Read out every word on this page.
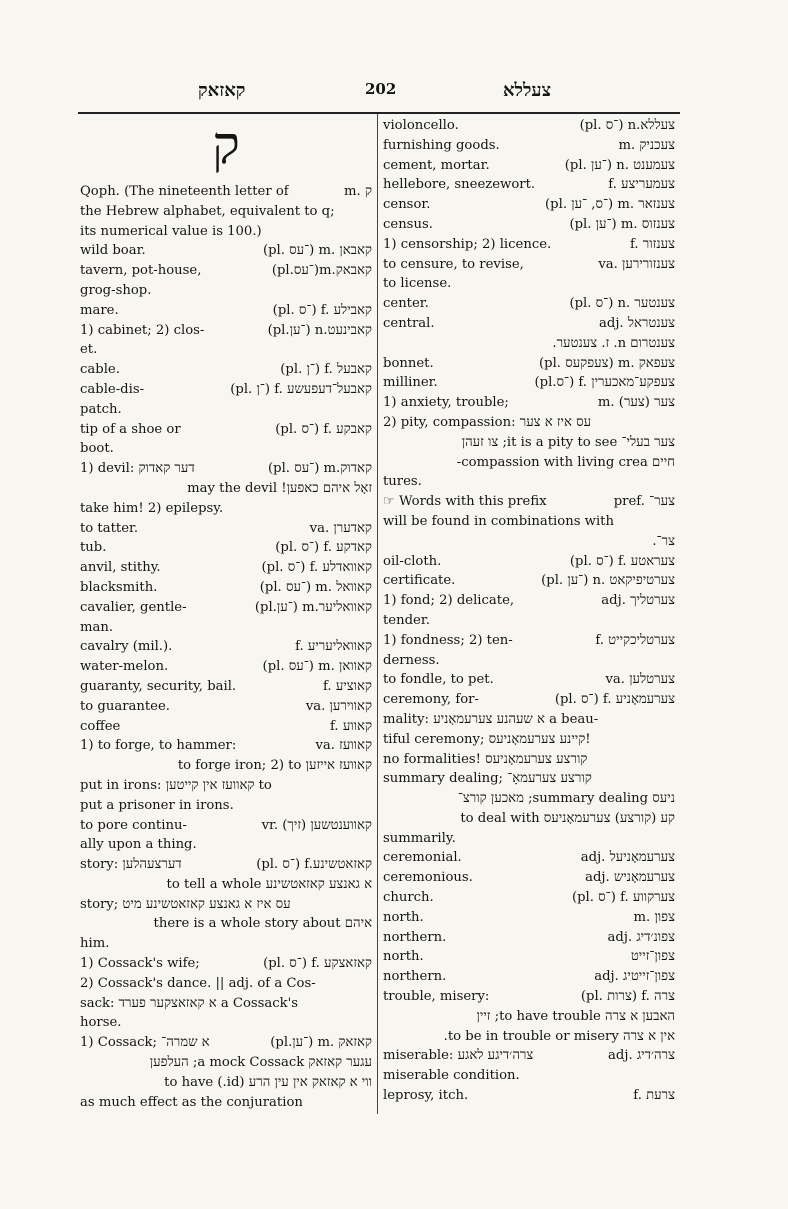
קאזאק	202	צעללא
ק
Qoph. (The nineteenth letter of	m. ק
the Hebrew alphabet, equivalent to q;
its numerical value is 100.)
wild boar.	(pl. ־עס) m. קאבאן
tavern, pot-house,	(pl.־עס)m.קאבאק
grog-shop.
mare.	(pl. ־ס) f. קאבילע
1) cabinet; 2) clos-	(pl.־ען) n.קאבינעט
et.
cable.	(pl. ־ן) f. קאבעל
cable-dis-	(pl. ־ן) f. קאבעל־דעפעשע
patch.
tip of a shoe or	(pl. ־ס) f. קאבקע
boot.
1) devil: דער קאדוק	(pl. ־עס) m.קאדוק
זאָל איהם כאפען! may the devil
take him! 2) epilepsy.
to tatter.	va. קאדערן
tub.	(pl. ־ס) f. קאדקע
anvil, stithy.	(pl. ־ס) f. קאוואדלע
blacksmith.	(pl. ־עס) m. קאוואל
cavalier, gentle-	(pl.־ען) m.קאוואליער
man.
cavalry (mil.).	f. קאוואליעריע
water-melon.	(pl. ־עס) m. קאוואן
guaranty, security, bail.	f. קאוציע
to guarantee.	va. קאווירען
coffee	f. קאווע
1) to forge, to hammer:	va. קאוועז
קאוועז אייזען to forge iron; 2) to
put in irons: קאוועז אין קייטען to
put a prisoner in irons.
to pore continu-	vr. (זיך) קאווענטשען
ally upon a thing.
story: דערצעהלען	(pl. ־ס) f.קאזאטשינע
א גאנצע קאזאטשינע to tell a whole
story; עס איז א גאנצע קאזאטשינע מיט
איהם there is a whole story about
him.
1) Cossack's wife;	(pl. ־ס) f. קאזאצקע
2) Cossack's dance. || adj. of a Cos-
sack: א קאזאצקער פערד a Cossack's
horse.
1) Cossack; א שמרה־	(pl.־ען) m. קאזאק
עגער קאזאק a mock Cossack; העלפען
ווי א קאזאק אין עין הרע (id.) to have
as much effect as the conjuration
violoncello.	(pl. ־ס) n.צעללא
furnishing goods.	m. צעכניק
cement, mortar.	(pl. ־ען) n. צעמענט
hellebore, sneezewort.	f. צעמעריצע
censor.	(pl. ־ס, ־ען) m. צענזאר
census.	(pl. ־ען) m. צענזוס
1) censorship; 2) licence.	f. צענזור
to censure, to revise,	va. צענזורירען
to license.
center.	(pl. ־ס) n. צענטער
central.	adj. צענטראל
צענטרום n. ז. צענטער.
bonnet.	(pl. צעפקעס) m. צעפאק
milliner.	(pl.־ס) f. צעפקע־מאכערין
1) anxiety, trouble;	m. (צער) צער
2) pity, compassion: עס איז א צער
צער בעלי־ it is a pity to see; צו זעהן
חיים compassion with living crea-
tures.
☞ Words with this prefix	pref. צער־
will be found in combinations with
צר־.
oil-cloth.	(pl. ־ס) f. צעראטע
certificate.	(pl. ־ען) n. צערטיפיקאט
1) fond; 2) delicate,	adj. צערטליך
tender.
1) fondness; 2) ten-	f. צערטליכקייט
derness.
to fondle, to pet.	va. צערטלען
ceremony, for-	(pl. ־ס) f. צערעמאָניע
mality: א שעהנע צערעמאָניע a beau-
tiful ceremony; קיינע צערעמאָניעס!
no formalities! קורצע צערעמאָניעס
summary dealing; קורצע צערעמאָ־
ניעס summary dealing; מאכען קורצ־
קע (קורצע) צערעמאָניעס to deal with
summarily.
ceremonial.	adj. צערעמאָניעל
ceremonious.	adj. צערעמאָניש
church.	(pl. ־ס) f. צערקווע
north.	m. צפון
northern.	adj. צפונ׳דיג
north.	צפון־זייט
northern.	adj. צפון־זייטיג
trouble, misery:	(pl. צרות) f. צרה
האבען א צרה to have trouble; זיין
אין א צרה to be in trouble or misery.
miserable: צרה׳דיגע לאגע	adj. צרה׳דיג
miserable condition.
leprosy, itch.	f. צרעת
